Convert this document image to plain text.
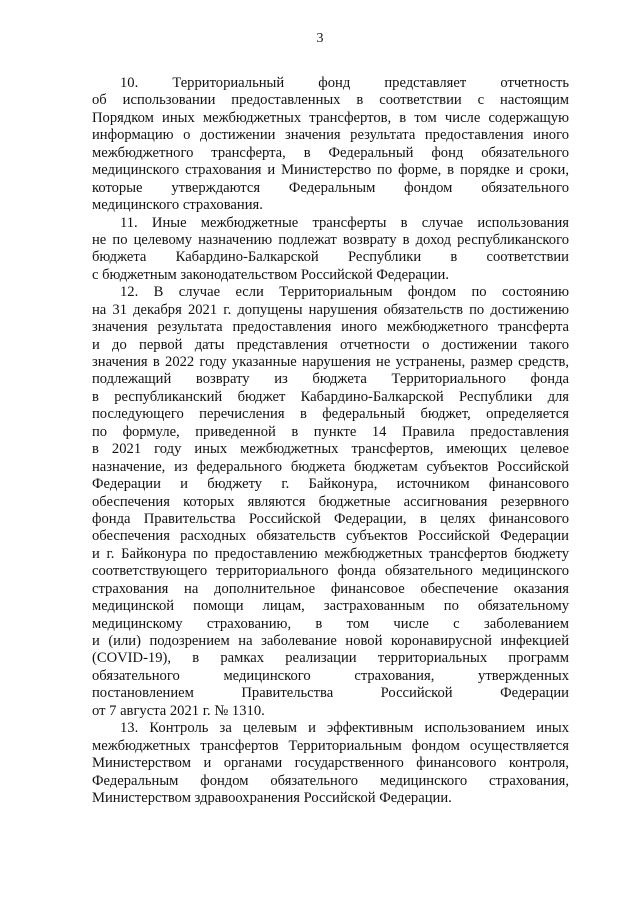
3
10. Территориальный фонд представляет отчетность
об использовании предоставленных в соответствии с настоящим
Порядком иных межбюджетных трансфертов, в том числе содержащую
информацию о достижении значения результата предоставления иного
межбюджетного трансферта, в Федеральный фонд обязательного
медицинского страхования и Министерство по форме, в порядке и сроки,
которые утверждаются Федеральным фондом обязательного
медицинского страхования.
11. Иные межбюджетные трансферты в случае использования
не по целевому назначению подлежат возврату в доход республиканского
бюджета Кабардино-Балкарской Республики в соответствии
с бюджетным законодательством Российской Федерации.
12. В случае если Территориальным фондом по состоянию
на 31 декабря 2021 г. допущены нарушения обязательств по достижению
значения результата предоставления иного межбюджетного трансферта
и до первой даты представления отчетности о достижении такого
значения в 2022 году указанные нарушения не устранены, размер средств,
подлежащий возврату из бюджета Территориального фонда
в республиканский бюджет Кабардино-Балкарской Республики для
последующего перечисления в федеральный бюджет, определяется
по формуле, приведенной в пункте 14 Правила предоставления
в 2021 году иных межбюджетных трансфертов, имеющих целевое
назначение, из федерального бюджета бюджетам субъектов Российской
Федерации и бюджету г. Байконура, источником финансового
обеспечения которых являются бюджетные ассигнования резервного
фонда Правительства Российской Федерации, в целях финансового
обеспечения расходных обязательств субъектов Российской Федерации
и г. Байконура по предоставлению межбюджетных трансфертов бюджету
соответствующего территориального фонда обязательного медицинского
страхования на дополнительное финансовое обеспечение оказания
медицинской помощи лицам, застрахованным по обязательному
медицинскому страхованию, в том числе с заболеванием
и (или) подозрением на заболевание новой коронавирусной инфекцией
(COVID-19), в рамках реализации территориальных программ
обязательного медицинского страхования, утвержденных
постановлением Правительства Российской Федерации
от 7 августа 2021 г. № 1310.
13. Контроль за целевым и эффективным использованием иных
межбюджетных трансфертов Территориальным фондом осуществляется
Министерством и органами государственного финансового контроля,
Федеральным фондом обязательного медицинского страхования,
Министерством здравоохранения Российской Федерации.
